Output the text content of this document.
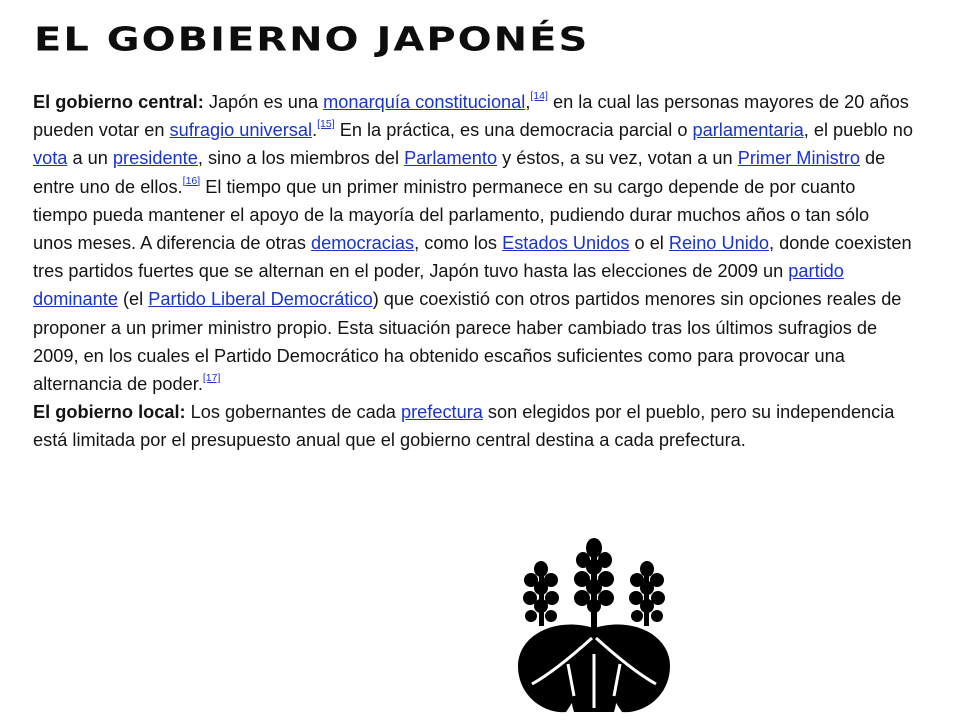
EL GOBIERNO JAPONÉS

El gobierno central: Japón es una monarquía constitucional,[14] en la cual las personas mayores de 20 años pueden votar en sufragio universal.[15] En la práctica, es una democracia parcial o parlamentaria, el pueblo no vota a un presidente, sino a los miembros del Parlamento y éstos, a su vez, votan a un Primer Ministro de entre uno de ellos.[16] El tiempo que un primer ministro permanece en su cargo depende de por cuanto tiempo pueda mantener el apoyo de la mayoría del parlamento, pudiendo durar muchos años o tan sólo unos meses. A diferencia de otras democracias, como los Estados Unidos o el Reino Unido, donde coexisten tres partidos fuertes que se alternan en el poder, Japón tuvo hasta las elecciones de 2009 un partido dominante (el Partido Liberal Democrático) que coexistió con otros partidos menores sin opciones reales de proponer a un primer ministro propio. Esta situación parece haber cambiado tras los últimos sufragios de 2009, en los cuales el Partido Democrático ha obtenido escaños suficientes como para provocar una alternancia de poder.[17]

El gobierno local: Los gobernantes de cada prefectura son elegidos por el pueblo, pero su independencia está limitada por el presupuesto anual que el gobierno central destina a cada prefectura.
